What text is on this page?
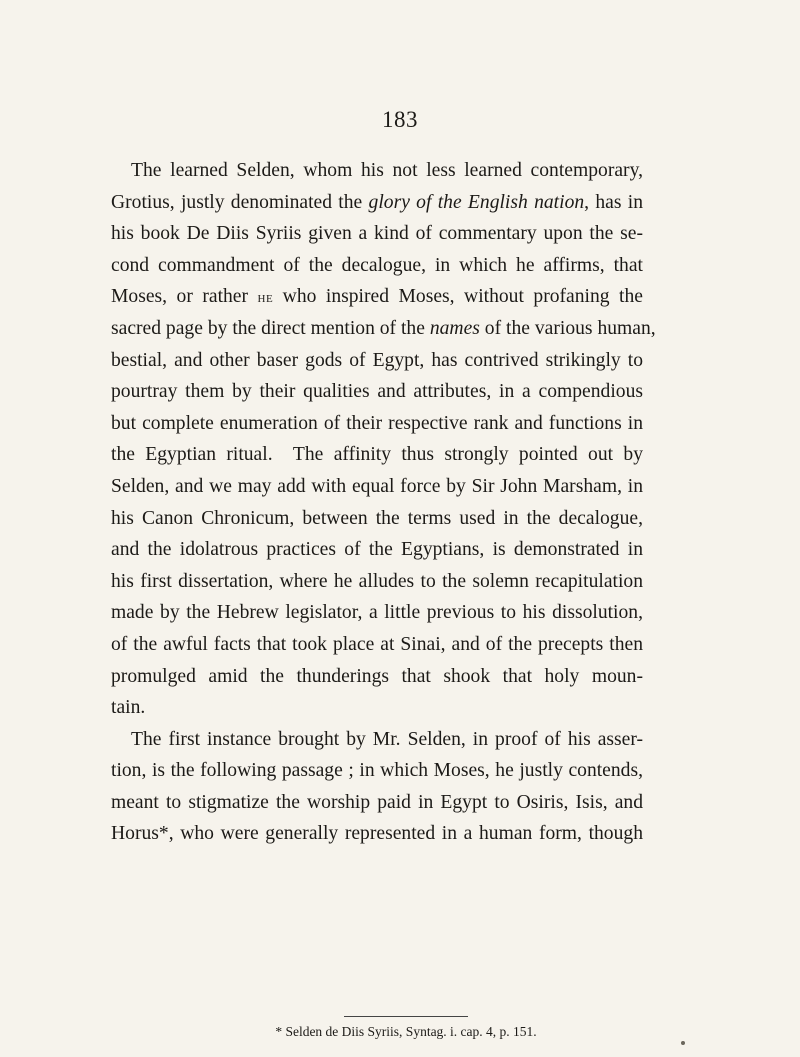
183
The learned Selden, whom his not less learned contemporary,
Grotius, justly denominated the glory of the English nation, has in
his book De Diis Syriis given a kind of commentary upon the se-
cond commandment of the decalogue, in which he affirms, that
Moses, or rather he who inspired Moses, without profaning the
sacred page by the direct mention of the names of the various human,
bestial, and other baser gods of Egypt, has contrived strikingly to
pourtray them by their qualities and attributes, in a compendious
but complete enumeration of their respective rank and functions in
the Egyptian ritual.  The affinity thus strongly pointed out by
Selden, and we may add with equal force by Sir John Marsham, in
his Canon Chronicum, between the terms used in the decalogue,
and the idolatrous practices of the Egyptians, is demonstrated in
his first dissertation, where he alludes to the solemn recapitulation
made by the Hebrew legislator, a little previous to his dissolution,
of the awful facts that took place at Sinai, and of the precepts then
promulged amid the thunderings that shook that holy moun-
tain.
The first instance brought by Mr. Selden, in proof of his asser-
tion, is the following passage ; in which Moses, he justly contends,
meant to stigmatize the worship paid in Egypt to Osiris, Isis, and
Horus*, who were generally represented in a human form, though
* Selden de Diis Syriis, Syntag. i. cap. 4, p. 151.
